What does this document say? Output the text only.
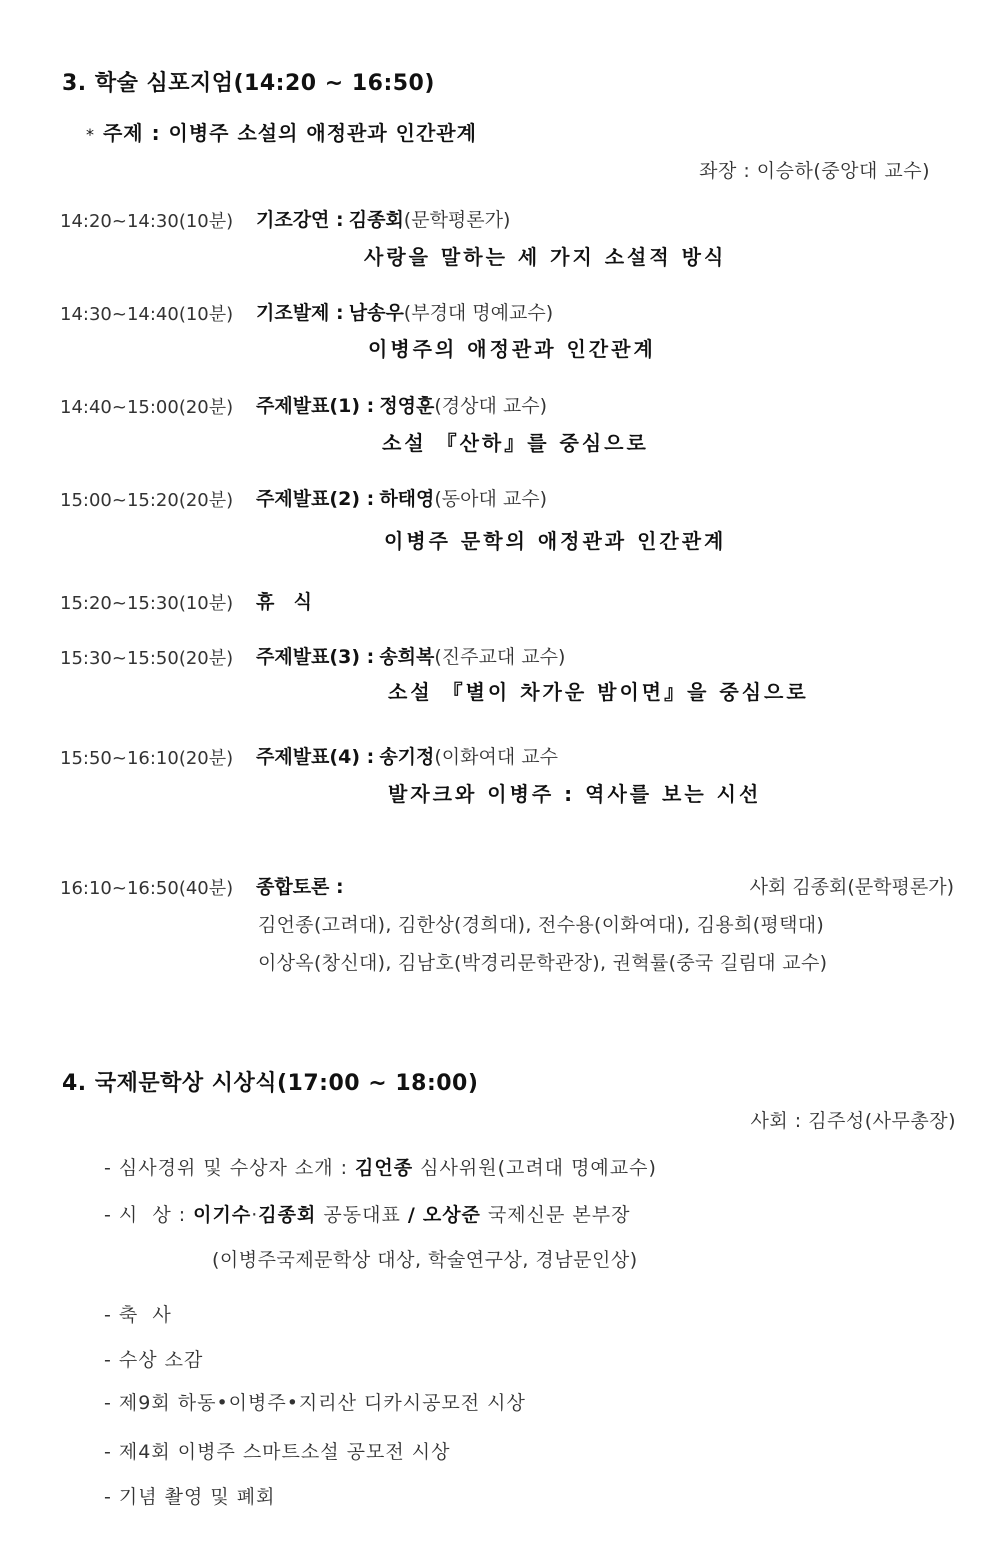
3. 학술 심포지엄(14:20 ~ 16:50)
* 주제 : 이병주 소설의 애정관과 인간관계
좌장 : 이승하(중앙대 교수)
14:20~14:30(10분) 기조강연 : 김종회(문학평론가)
사랑을 말하는 세 가지 소설적 방식
14:30~14:40(10분) 기조발제 : 남송우(부경대 명예교수)
이병주의 애정관과 인간관계
14:40~15:00(20분) 주제발표(1) : 정영훈(경상대 교수)
소설 『산하』를 중심으로
15:00~15:20(20분) 주제발표(2) : 하태영(동아대 교수)
이병주 문학의 애정관과 인간관계
15:20~15:30(10분) 휴  식
15:30~15:50(20분) 주제발표(3) : 송희복(진주교대 교수)
소설 『별이 차가운 밤이면』을 중심으로
15:50~16:10(20분) 주제발표(4) : 송기정(이화여대 교수
발자크와 이병주 : 역사를 보는 시선
16:10~16:50(40분) 종합토론 :	사회 김종회(문학평론가)
김언종(고려대), 김한상(경희대), 전수용(이화여대), 김용희(평택대)
이상옥(창신대), 김남호(박경리문학관장), 권혁률(중국 길림대 교수)
4. 국제문학상 시상식(17:00 ~ 18:00)
사회 : 김주성(사무총장)
- 심사경위 및 수상자 소개 : 김언종 심사위원(고려대 명예교수)
- 시  상 : 이기수·김종회 공동대표 / 오상준 국제신문 본부장
(이병주국제문학상 대상, 학술연구상, 경남문인상)
- 축  사
- 수상 소감
- 제9회 하동•이병주•지리산 디카시공모전 시상
- 제4회 이병주 스마트소설 공모전 시상
- 기념 촬영 및 폐회
